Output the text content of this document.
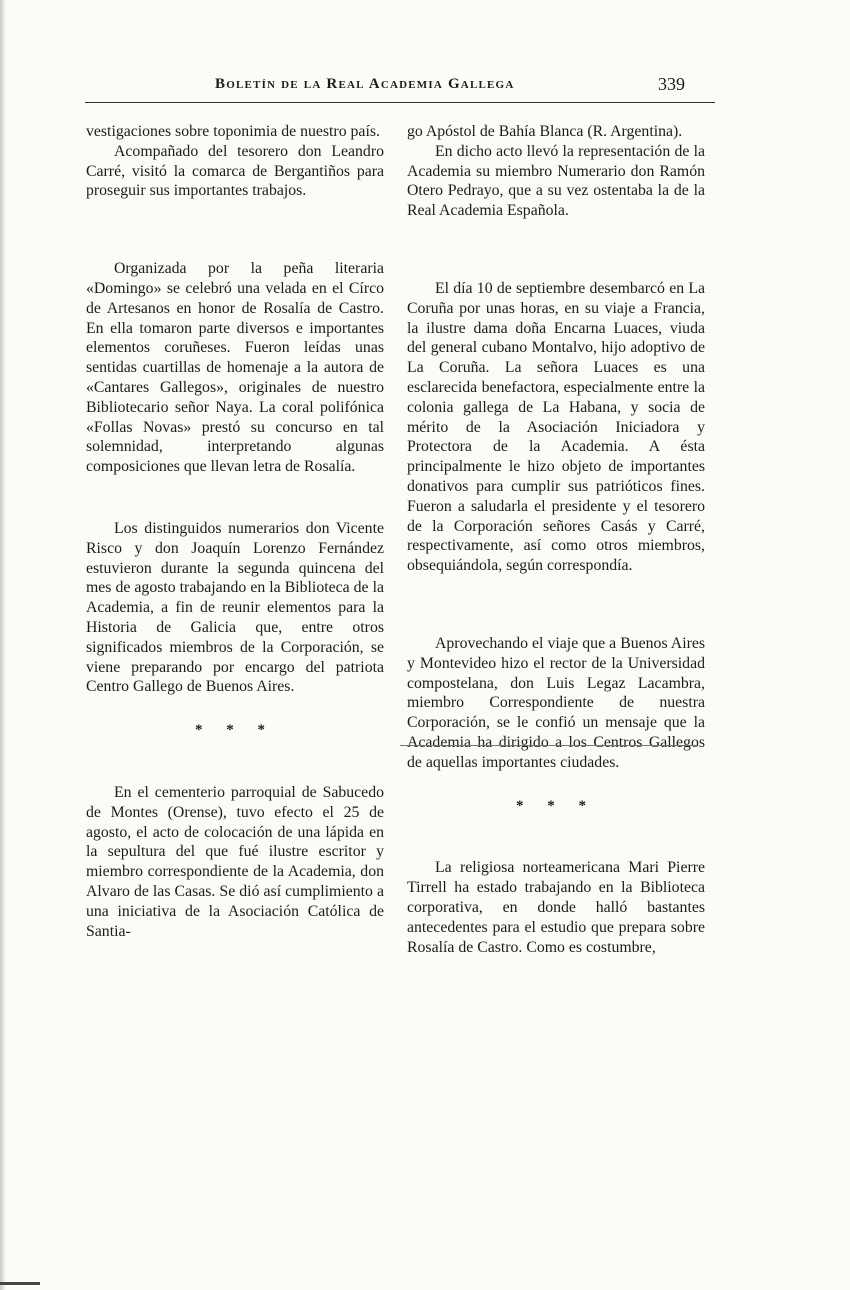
Boletín de la Real Academia Gallega	339

vestigaciones sobre toponimia de nuestro país.

Acompañado del tesorero don Leandro Carré, visitó la comarca de Bergantiños para proseguir sus importantes trabajos.

Organizada por la peña literaria «Domingo» se celebró una velada en el Círco de Artesanos en honor de Rosalía de Castro. En ella tomaron parte diversos e importantes elementos coruñeses. Fueron leídas unas sentidas cuartillas de homenaje a la autora de «Cantares Gallegos», originales de nuestro Bibliotecario señor Naya. La coral polifónica «Follas Novas» prestó su concurso en tal solemnidad, interpretando algunas composiciones que llevan letra de Rosalía.

Los distinguidos numerarios don Vicente Risco y don Joaquín Lorenzo Fernández estuvieron durante la segunda quincena del mes de agosto trabajando en la Biblioteca de la Academia, a fin de reunir elementos para la Historia de Galicia que, entre otros significados miembros de la Corporación, se viene preparando por encargo del patriota Centro Gallego de Buenos Aires.

* * *

En el cementerio parroquial de Sabucedo de Montes (Orense), tuvo efecto el 25 de agosto, el acto de colocación de una lápida en la sepultura del que fué ilustre escritor y miembro correspondiente de la Academia, don Alvaro de las Casas. Se dió así cumplimiento a una iniciativa de la Asociación Católica de Santia-

go Apóstol de Bahía Blanca (R. Argentina).

En dicho acto llevó la representación de la Academia su miembro Numerario don Ramón Otero Pedrayo, que a su vez ostentaba la de la Real Academia Española.

El día 10 de septiembre desembarcó en La Coruña por unas horas, en su viaje a Francia, la ilustre dama doña Encarna Luaces, viuda del general cubano Montalvo, hijo adoptivo de La Coruña. La señora Luaces es una esclarecida benefactora, especialmente entre la colonia gallega de La Habana, y socia de mérito de la Asociación Iniciadora y Protectora de la Academia. A ésta principalmente le hizo objeto de importantes donativos para cumplir sus patrióticos fines. Fueron a saludarla el presidente y el tesorero de la Corporación señores Casás y Carré, respectivamente, así como otros miembros, obsequiándola, según correspondía.

Aprovechando el viaje que a Buenos Aires y Montevideo hizo el rector de la Universidad compostelana, don Luis Legaz Lacambra, miembro Correspondiente de nuestra Corporación, se le confió un mensaje que la Academia ha dirigido a los Centros Gallegos de aquellas importantes ciudades.

* * *

La religiosa norteamericana Mari Pierre Tirrell ha estado trabajando en la Biblioteca corporativa, en donde halló bastantes antecedentes para el estudio que prepara sobre Rosalía de Castro. Como es costumbre,
